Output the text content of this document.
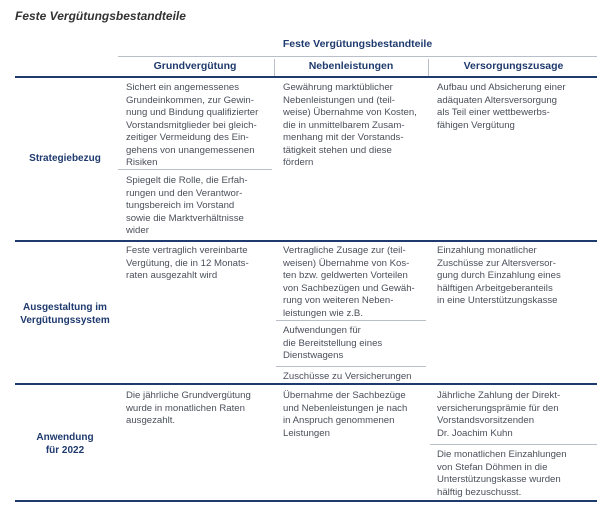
Feste Vergütungsbestandteile
Feste Vergütungsbestandteile
Grundvergütung	Nebenleistungen	Versorgungszusage
Strategiebezug
Sichert ein angemessenes
Grundeinkommen, zur Gewin-
nung und Bindung qualifizierter
Vorstandsmitglieder bei gleich-
zeitiger Vermeidung des Ein-
gehens von unangemessenen
Risiken
Spiegelt die Rolle, die Erfah-
rungen und den Verantwor-
tungsbereich im Vorstand
sowie die Marktverhältnisse
wider
Gewährung marktüblicher
Nebenleistungen und (teil-
weise) Übernahme von Kosten,
die in unmittelbarem Zusam-
menhang mit der Vorstands-
tätigkeit stehen und diese
fördern
Aufbau und Absicherung einer
adäquaten Altersversorgung
als Teil einer wettbewerbs-
fähigen Vergütung
Ausgestaltung im
Vergütungssystem
Feste vertraglich vereinbarte
Vergütung, die in 12 Monats-
raten ausgezahlt wird
Vertragliche Zusage zur (teil-
weisen) Übernahme von Kos-
ten bzw. geldwerten Vorteilen
von Sachbezügen und Gewäh-
rung von weiteren Neben-
leistungen wie z.B.
Aufwendungen für
die Bereitstellung eines
Dienstwagens
Zuschüsse zu Versicherungen
Einzahlung monatlicher
Zuschüsse zur Altersversor-
gung durch Einzahlung eines
hälftigen Arbeitgeberanteils
in eine Unterstützungskasse
Anwendung
für 2022
Die jährliche Grundvergütung
wurde in monatlichen Raten
ausgezahlt.
Übernahme der Sachbezüge
und Nebenleistungen je nach
in Anspruch genommenen
Leistungen
Jährliche Zahlung der Direkt-
versicherungsprämie für den
Vorstandsvorsitzenden
Dr. Joachim Kuhn
Die monatlichen Einzahlungen
von Stefan Döhmen in die
Unterstützungskasse wurden
hälftig bezuschusst.
